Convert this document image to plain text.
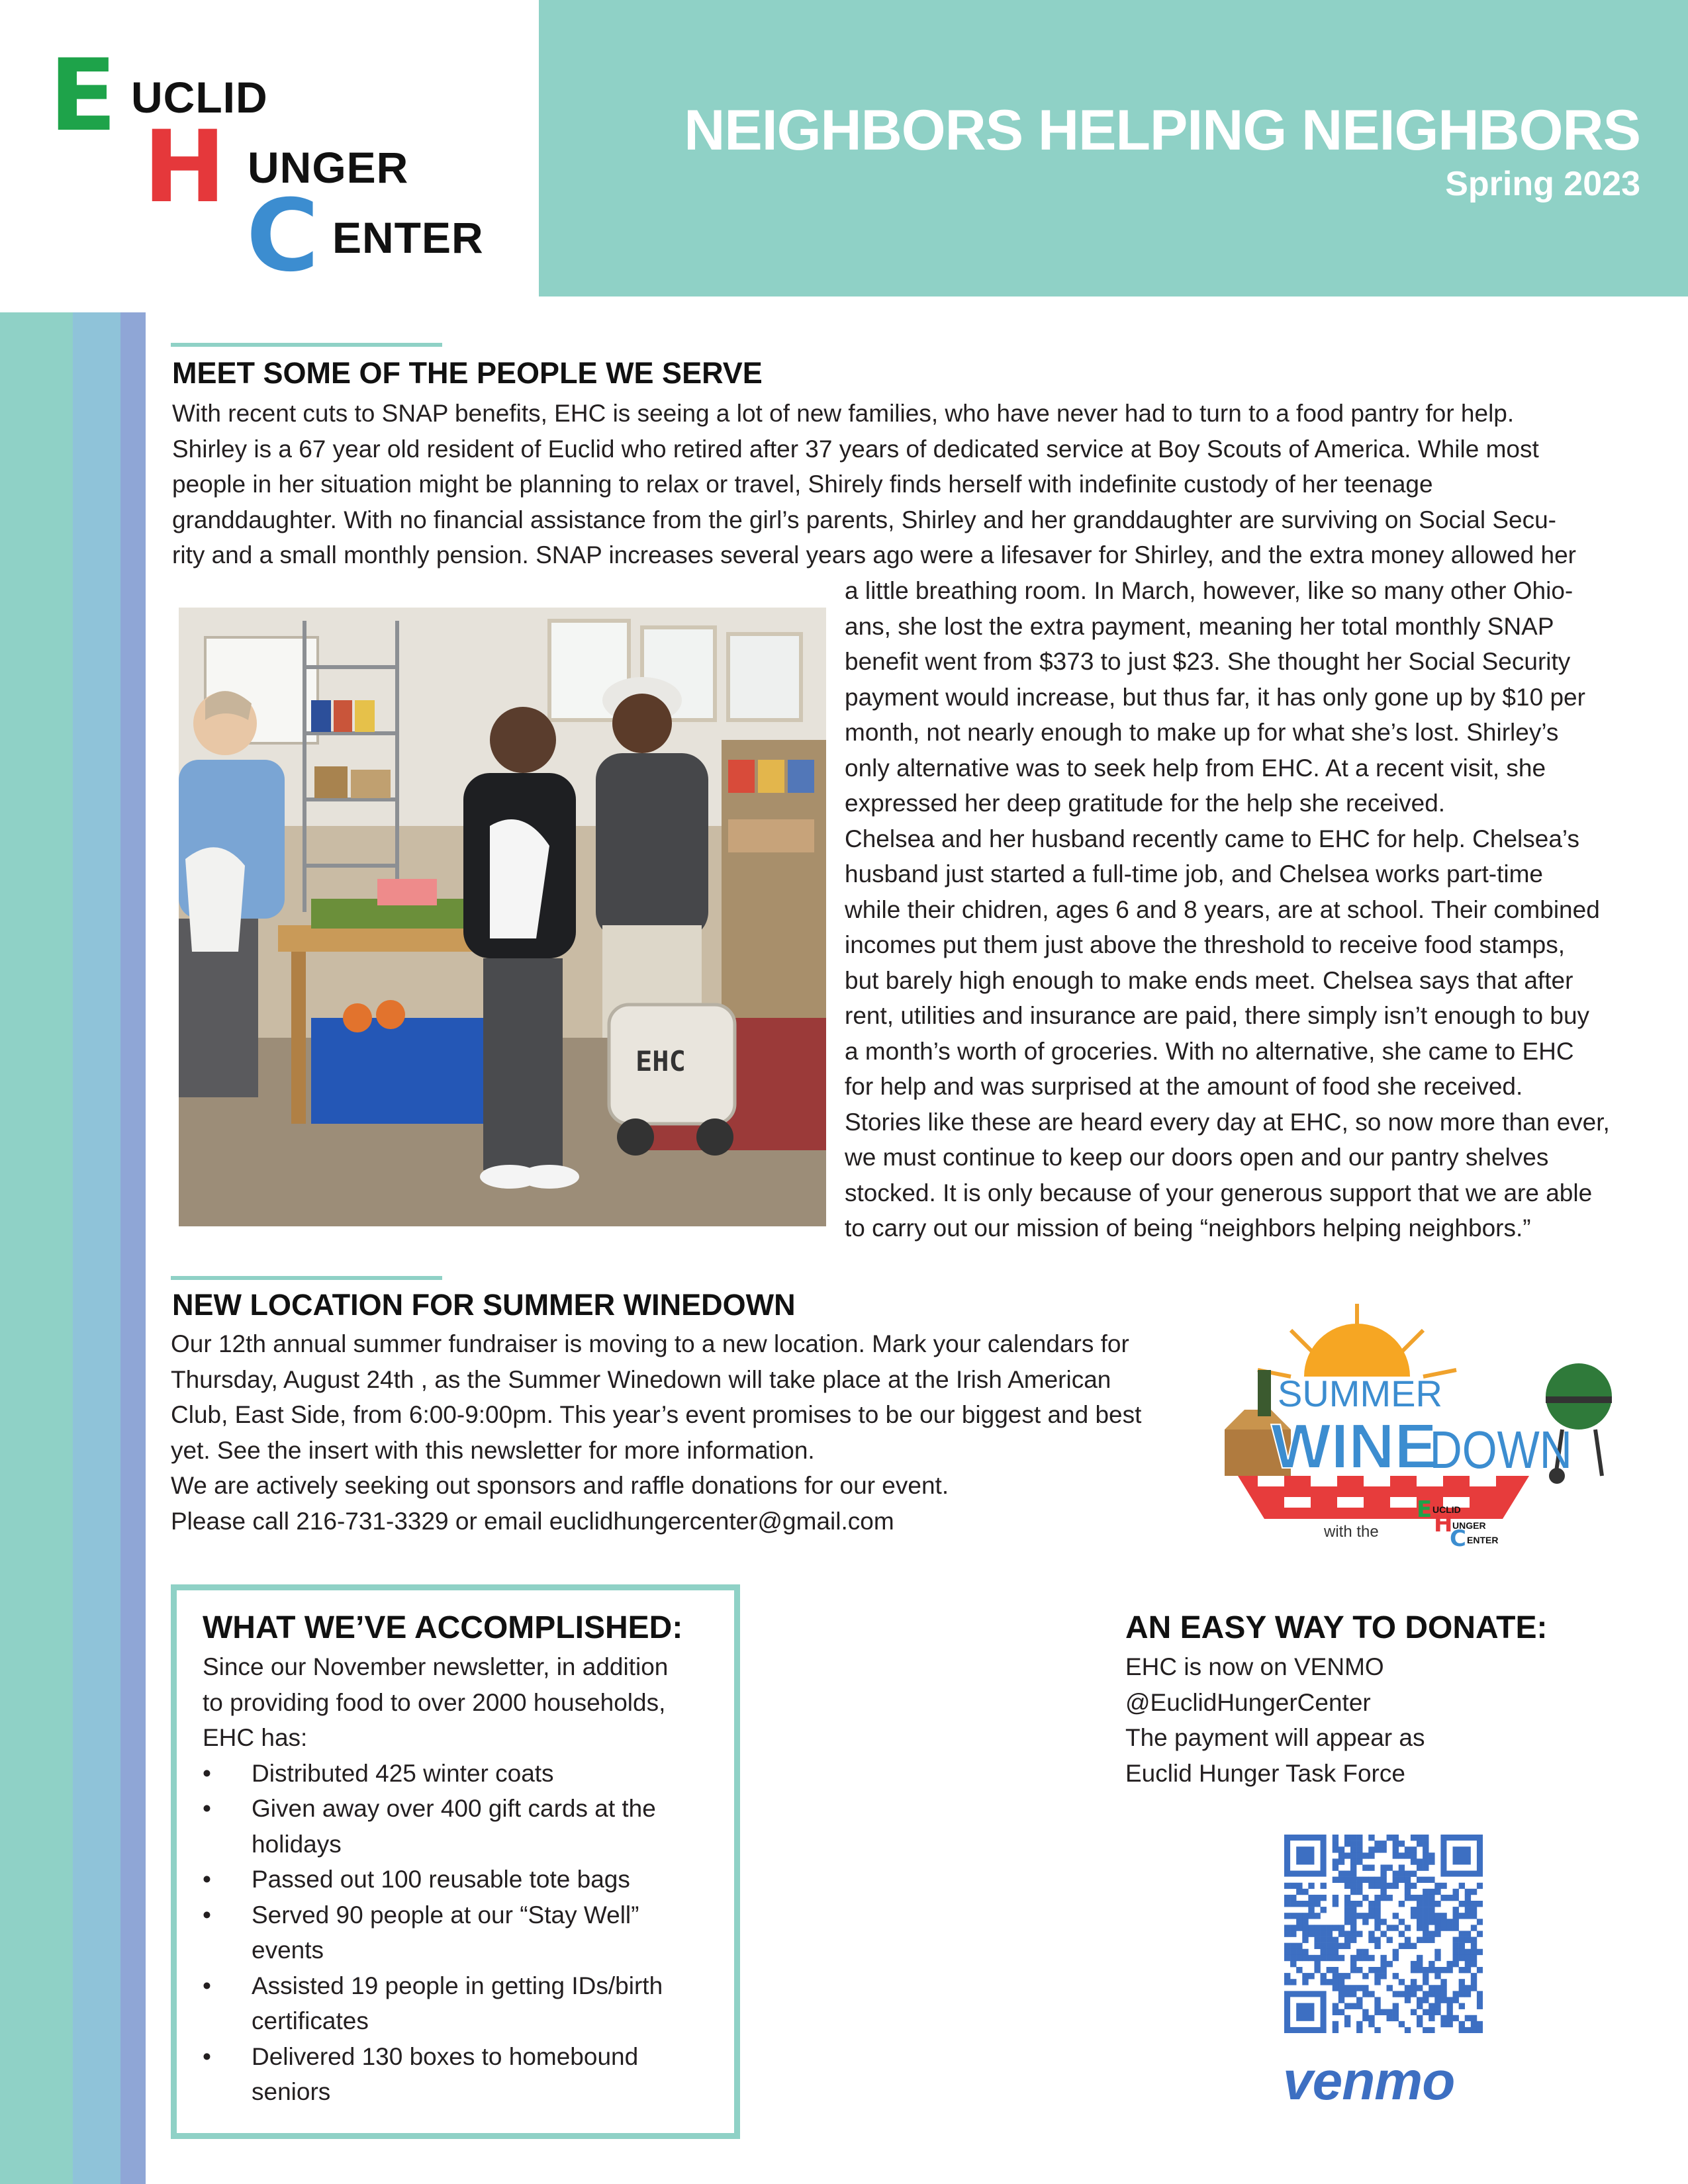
E UCLID
H UNGER
C ENTER
NEIGHBORS HELPING NEIGHBORS
Spring 2023
MEET SOME OF THE PEOPLE WE SERVE
With recent cuts to SNAP benefits, EHC is seeing a lot of new families, who have never had to turn to a food pantry for help.
Shirley is a 67 year old resident of Euclid who retired after 37 years of dedicated service at Boy Scouts of America. While most
people in her situation might be planning to relax or travel, Shirely finds herself with indefinite custody of her teenage
granddaughter. With no financial assistance from the girl’s parents, Shirley and her granddaughter are surviving on Social Secu-
rity and a small monthly pension. SNAP increases several years ago were a lifesaver for Shirley, and the extra money allowed her
a little breathing room. In March, however, like so many other Ohio-
ans, she lost the extra payment, meaning her total monthly SNAP
benefit went from $373 to just $23. She thought her Social Security
payment would increase, but thus far, it has only gone up by $10 per
month, not nearly enough to make up for what she’s lost. Shirley’s
only alternative was to seek help from EHC. At a recent visit, she
expressed her deep gratitude for the help she received.
Chelsea and her husband recently came to EHC for help. Chelsea’s
husband just started a full-time job, and Chelsea works part-time
while their chidren, ages 6 and 8 years, are at school. Their combined
incomes put them just above the threshold to receive food stamps,
but barely high enough to make ends meet. Chelsea says that after
rent, utilities and insurance are paid, there simply isn’t enough to buy
a month’s worth of groceries. With no alternative, she came to EHC
for help and was surprised at the amount of food she received.
Stories like these are heard every day at EHC, so now more than ever,
we must continue to keep our doors open and our pantry shelves
stocked. It is only because of your generous support that we are able
to carry out our mission of being “neighbors helping neighbors.”
EHC
NEW LOCATION FOR SUMMER WINEDOWN
Our 12th annual summer fundraiser is moving to a new location. Mark your calendars for
Thursday, August 24th , as the Summer Winedown will take place at the Irish American
Club, East Side, from 6:00-9:00pm. This year’s event promises to be our biggest and best
yet. See the insert with this newsletter for more information.
We are actively seeking out sponsors and raffle donations for our event.
Please call 216-731-3329 or email euclidhungercenter@gmail.com
SUMMER
WINE
DOWN
with the
E UCLID
H UNGER
C ENTER
WHAT WE’VE ACCOMPLISHED:
Since our November newsletter, in addition
to providing food to over 2000 households,
EHC has:
• Distributed 425 winter coats
• Given away over 400 gift cards at the
holidays
• Passed out 100 reusable tote bags
• Served 90 people at our “Stay Well”
events
• Assisted 19 people in getting IDs/birth
certificates
• Delivered 130 boxes to homebound
seniors
AN EASY WAY TO DONATE:
EHC is now on VENMO
@EuclidHungerCenter
The payment will appear as
Euclid Hunger Task Force
venmo
